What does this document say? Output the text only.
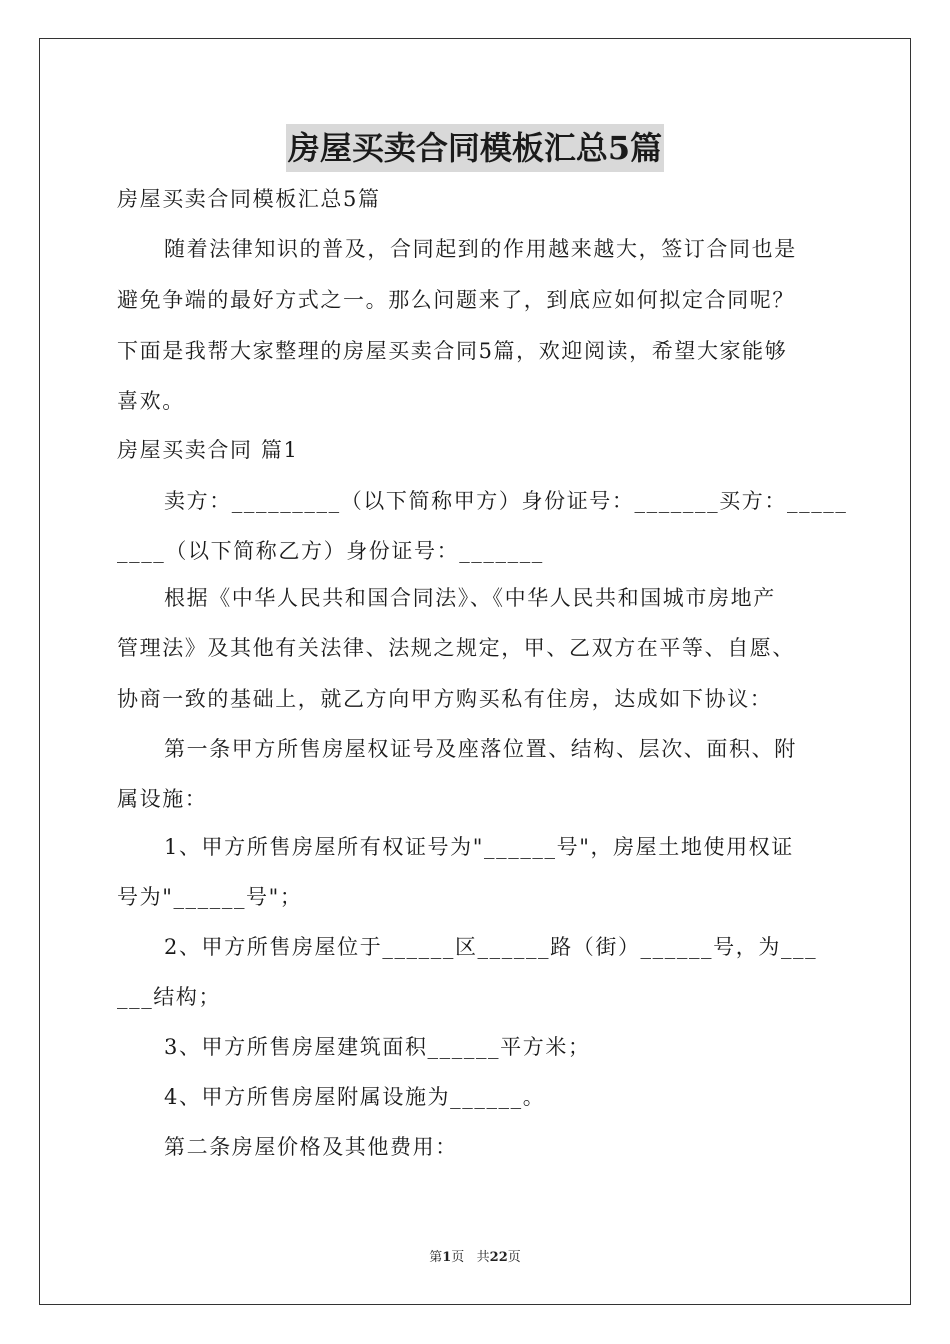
房屋买卖合同模板汇总5篇
房屋买卖合同模板汇总5篇
随着法律知识的普及，合同起到的作用越来越大，签订合同也是
避免争端的最好方式之一。那么问题来了，到底应如何拟定合同呢？
下面是我帮大家整理的房屋买卖合同5篇，欢迎阅读，希望大家能够
喜欢。
房屋买卖合同 篇1
卖方：_________（以下简称甲方）身份证号：_______买方：_____
____（以下简称乙方）身份证号：_______
根据《中华人民共和国合同法》、《中华人民共和国城市房地产
管理法》及其他有关法律、法规之规定，甲、乙双方在平等、自愿、
协商一致的基础上，就乙方向甲方购买私有住房，达成如下协议：
第一条甲方所售房屋权证号及座落位置、结构、层次、面积、附
属设施：
1、甲方所售房屋所有权证号为"______号"，房屋土地使用权证
号为"______号"；
2、甲方所售房屋位于______区______路（街）______号，为___
___结构；
3、甲方所售房屋建筑面积______平方米；
4、甲方所售房屋附属设施为______。
第二条房屋价格及其他费用：
第1页   共22页
